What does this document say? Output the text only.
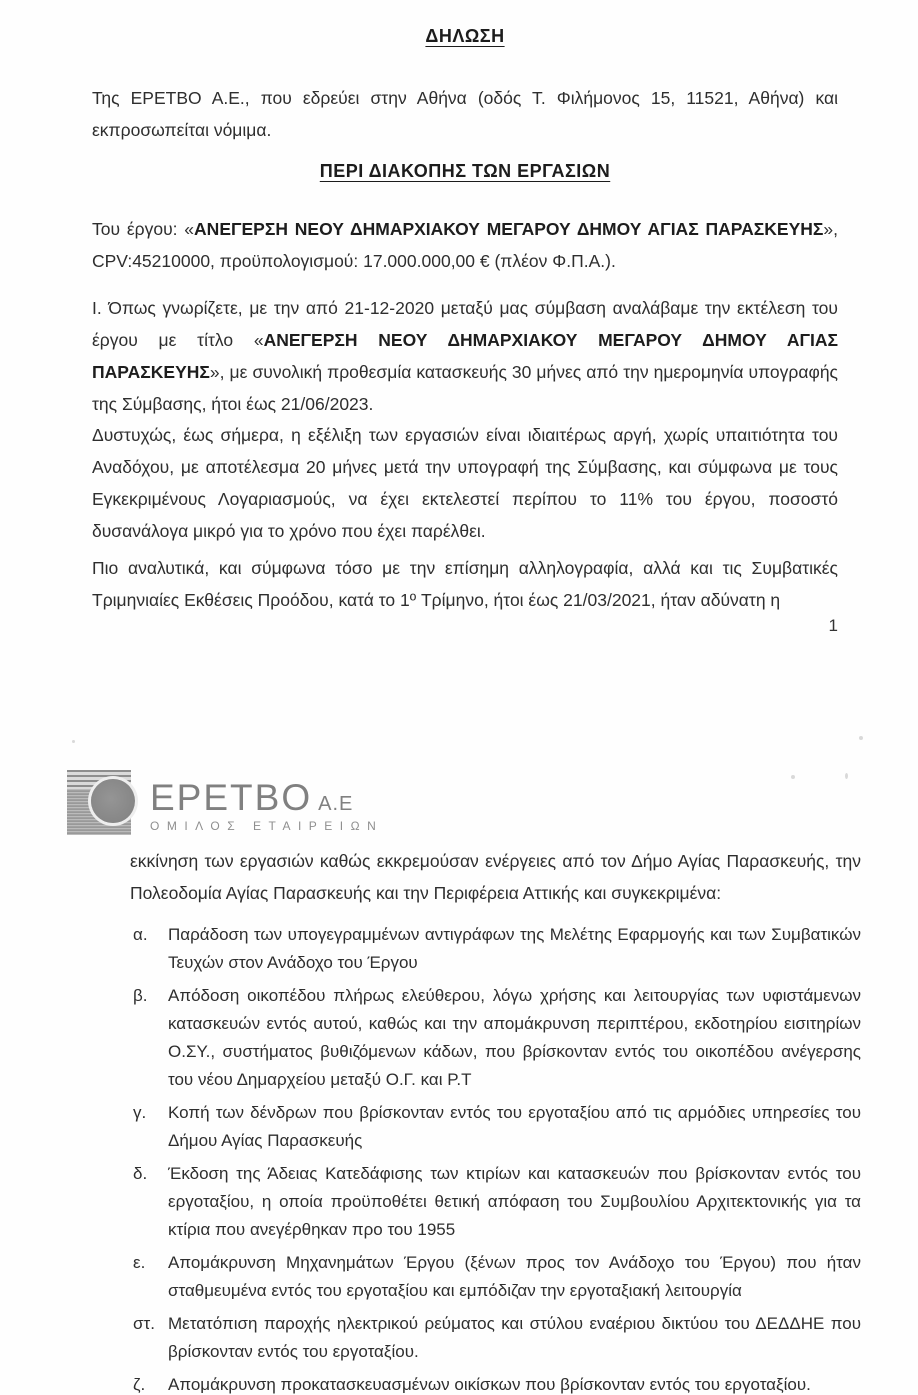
ΔΗΛΩΣΗ
Της ΕΡΕΤΒΟ Α.Ε., που εδρεύει στην Αθήνα (οδός Τ. Φιλήμονος 15, 11521, Αθήνα) και εκπροσωπείται νόμιμα.
ΠΕΡΙ ΔΙΑΚΟΠΗΣ ΤΩΝ ΕΡΓΑΣΙΩΝ
Του έργου: «ΑΝΕΓΕΡΣΗ ΝΕΟΥ ΔΗΜΑΡΧΙΑΚΟΥ ΜΕΓΑΡΟΥ ΔΗΜΟΥ ΑΓΙΑΣ ΠΑΡΑΣΚΕΥΗΣ», CPV:45210000, προϋπολογισμού: 17.000.000,00 € (πλέον Φ.Π.Α.).
Ι. Όπως γνωρίζετε, με την από 21-12-2020 μεταξύ μας σύμβαση αναλάβαμε την εκτέλεση του έργου με τίτλο «ΑΝΕΓΕΡΣΗ ΝΕΟΥ ΔΗΜΑΡΧΙΑΚΟΥ ΜΕΓΑΡΟΥ ΔΗΜΟΥ ΑΓΙΑΣ ΠΑΡΑΣΚΕΥΗΣ», με συνολική προθεσμία κατασκευής 30 μήνες από την ημερομηνία υπογραφής της Σύμβασης, ήτοι έως 21/06/2023.
Δυστυχώς, έως σήμερα, η εξέλιξη των εργασιών είναι ιδιαιτέρως αργή, χωρίς υπαιτιότητα του Αναδόχου, με αποτέλεσμα 20 μήνες μετά την υπογραφή της Σύμβασης, και σύμφωνα με τους Εγκεκριμένους Λογαριασμούς, να έχει εκτελεστεί περίπου το 11% του έργου, ποσοστό δυσανάλογα μικρό για το χρόνο που έχει παρέλθει.
Πιο αναλυτικά, και σύμφωνα τόσο με την επίσημη αλληλογραφία, αλλά και τις Συμβατικές Τριμηνιαίες Εκθέσεις Προόδου, κατά το 1º Τρίμηνο, ήτοι έως 21/03/2021, ήταν αδύνατη η
1
ΕΡΕΤΒΟ Α.Ε
ΟΜΙΛΟΣ ΕΤΑΙΡΕΙΩΝ
εκκίνηση των εργασιών καθώς εκκρεμούσαν ενέργειες από τον Δήμο Αγίας Παρασκευής, την Πολεοδομία Αγίας Παρασκευής και την Περιφέρεια Αττικής και συγκεκριμένα:
α.	Παράδοση των υπογεγραμμένων αντιγράφων της Μελέτης Εφαρμογής και των Συμβατικών Τευχών στον Ανάδοχο του Έργου
β.	Απόδοση οικοπέδου πλήρως ελεύθερου, λόγω χρήσης και λειτουργίας των υφιστάμενων κατασκευών εντός αυτού, καθώς και την απομάκρυνση περιπτέρου, εκδοτηρίου εισιτηρίων Ο.ΣΥ., συστήματος βυθιζόμενων κάδων, που βρίσκονταν εντός του οικοπέδου ανέγερσης του νέου Δημαρχείου μεταξύ Ο.Γ. και Ρ.Τ
γ.	Κοπή των δένδρων που βρίσκονταν εντός του εργοταξίου από τις αρμόδιες υπηρεσίες του Δήμου Αγίας Παρασκευής
δ.	Έκδοση της Άδειας Κατεδάφισης των κτιρίων και κατασκευών που βρίσκονταν εντός του εργοταξίου, η οποία προϋποθέτει θετική απόφαση του Συμβουλίου Αρχιτεκτονικής για τα κτίρια που ανεγέρθηκαν προ του 1955
ε.	Απομάκρυνση Μηχανημάτων Έργου (ξένων προς τον Ανάδοχο του Έργου) που ήταν σταθμευμένα εντός του εργοταξίου και εμπόδιζαν την εργοταξιακή λειτουργία
στ. Μετατόπιση παροχής ηλεκτρικού ρεύματος και στύλου εναέριου δικτύου του ΔΕΔΔΗΕ που βρίσκονταν εντός του εργοταξίου.
ζ.	Απομάκρυνση προκατασκευασμένων οικίσκων που βρίσκονταν εντός του εργοταξίου.
